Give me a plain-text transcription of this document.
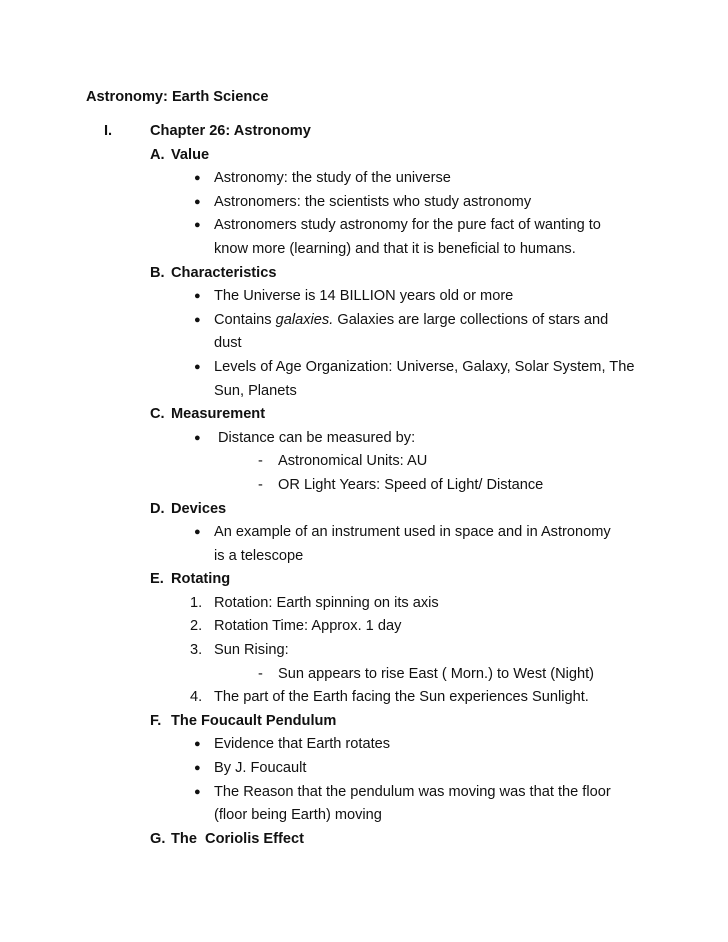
Astronomy: Earth Science
I.	Chapter 26: Astronomy
A. Value
● Astronomy: the study of the universe
● Astronomers: the scientists who study astronomy
● Astronomers study astronomy for the pure fact of wanting to
know more (learning) and that it is beneficial to humans.
B. Characteristics
● The Universe is 14 BILLION years old or more
● Contains galaxies. Galaxies are large collections of stars and
dust
● Levels of Age Organization: Universe, Galaxy, Solar System, The
Sun, Planets
C. Measurement
● Distance can be measured by:
- Astronomical Units: AU
- OR Light Years: Speed of Light/ Distance
D. Devices
● An example of an instrument used in space and in Astronomy
is a telescope
E. Rotating
1. Rotation: Earth spinning on its axis
2. Rotation Time: Approx. 1 day
3. Sun Rising:
- Sun appears to rise East ( Morn.) to West (Night)
4. The part of the Earth facing the Sun experiences Sunlight.
F. The Foucault Pendulum
● Evidence that Earth rotates
● By J. Foucault
● The Reason that the pendulum was moving was that the floor
(floor being Earth) moving
G. The  Coriolis Effect
